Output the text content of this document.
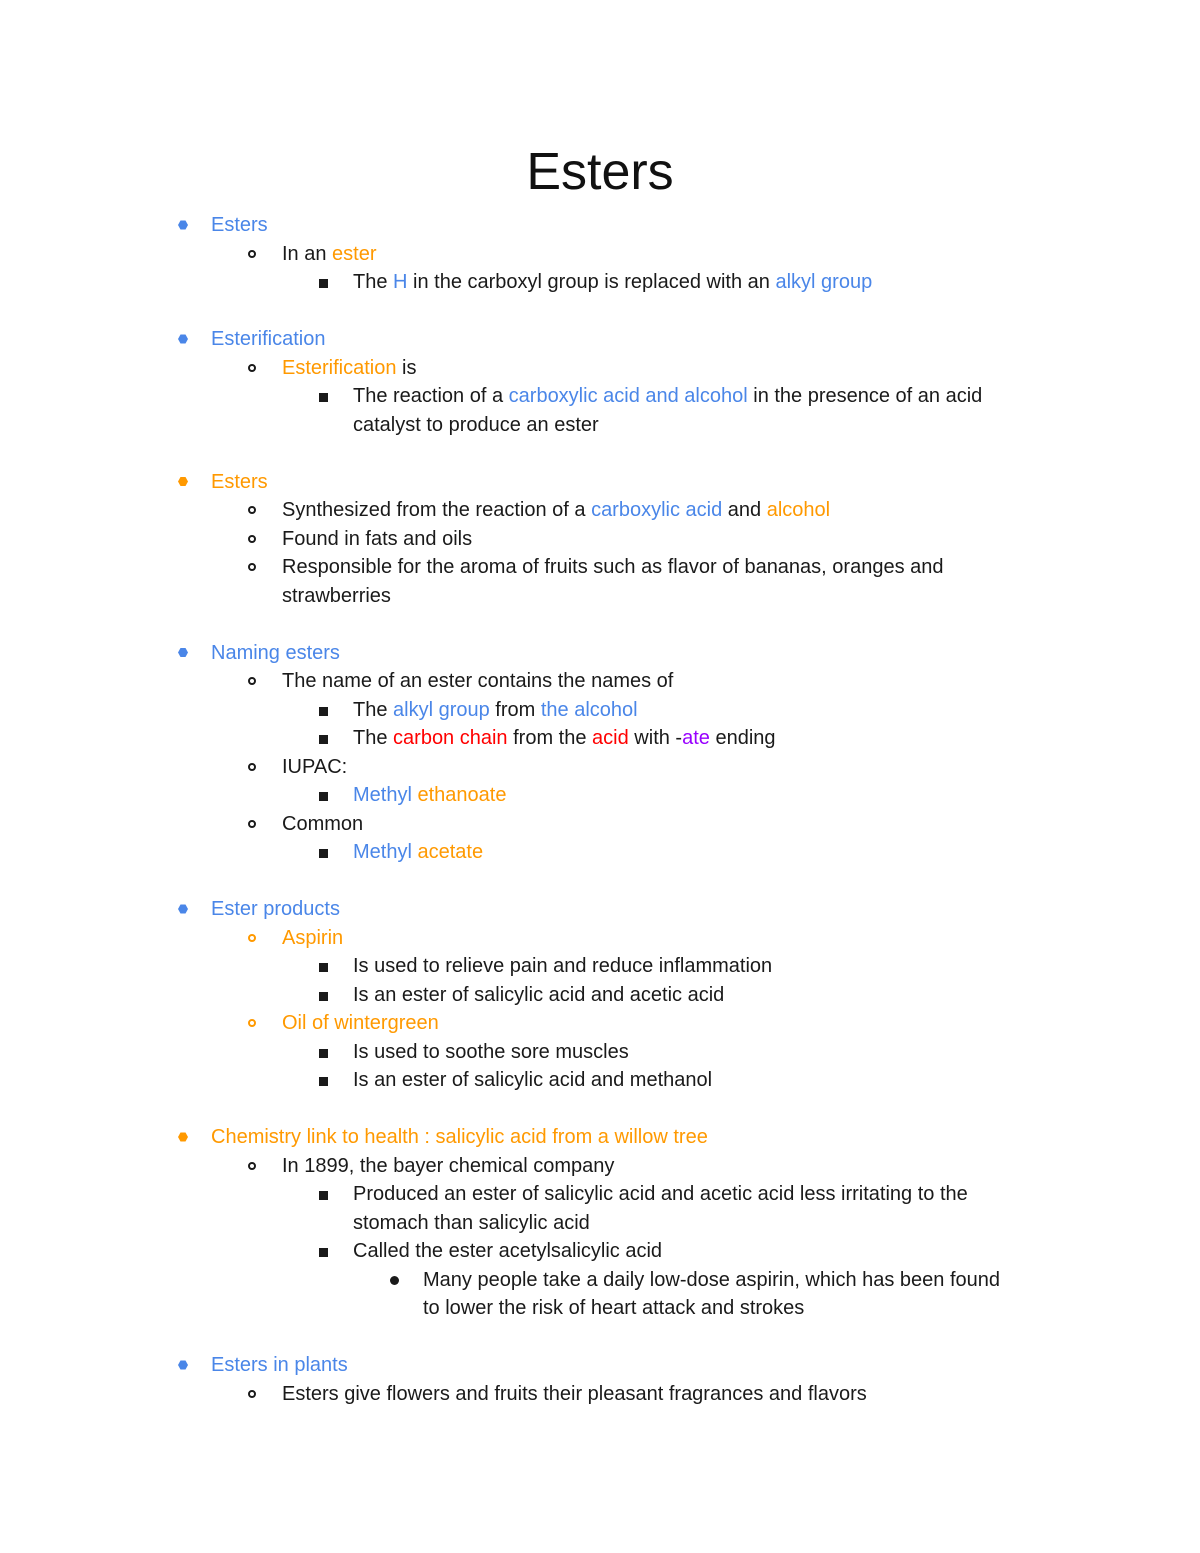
Esters
Esters
In an ester
The H in the carboxyl group is replaced with an alkyl group
Esterification
Esterification is
The reaction of a carboxylic acid and alcohol in the presence of an acid
catalyst to produce an ester
Esters
Synthesized from the reaction of a carboxylic acid and alcohol
Found in fats and oils
Responsible for the aroma of fruits such as flavor of bananas, oranges and
strawberries
Naming esters
The name of an ester contains the names of
The alkyl group from the alcohol
The carbon chain from the acid with -ate ending
IUPAC:
Methyl ethanoate
Common
Methyl acetate
Ester products
Aspirin
Is used to relieve pain and reduce inflammation
Is an ester of salicylic acid and acetic acid
Oil of wintergreen
Is used to soothe sore muscles
Is an ester of salicylic acid and methanol
Chemistry link to health : salicylic acid from a willow tree
In 1899, the bayer chemical company
Produced an ester of salicylic acid and acetic acid less irritating to the
stomach than salicylic acid
Called the ester acetylsalicylic acid
Many people take a daily low-dose aspirin, which has been found
to lower the risk of heart attack and strokes
Esters in plants
Esters give flowers and fruits their pleasant fragrances and flavors
